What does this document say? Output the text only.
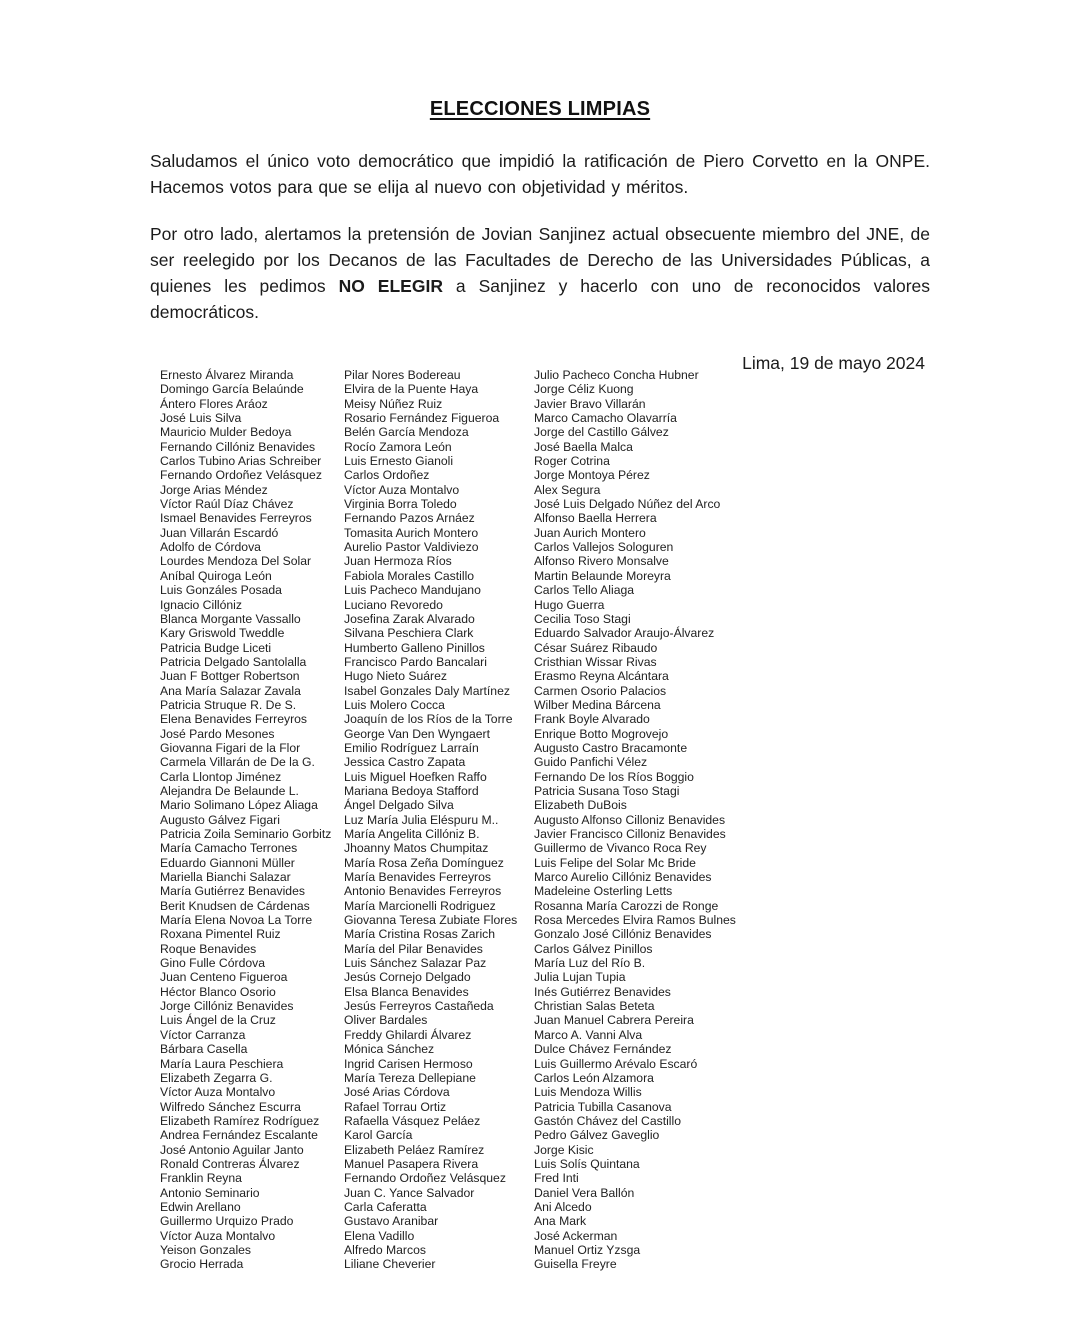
ELECCIONES LIMPIAS

Saludamos el único voto democrático que impidió la ratificación de Piero Corvetto en la ONPE. Hacemos votos para que se elija al nuevo con objetividad y méritos.

Por otro lado, alertamos la pretensión de Jovian Sanjinez actual obsecuente miembro del JNE, de ser reelegido por los Decanos de las Facultades de Derecho de las Universidades Públicas, a quienes les pedimos NO ELEGIR a Sanjinez y hacerlo con uno de reconocidos valores democráticos.

Lima, 19 de mayo 2024

Ernesto Álvarez Miranda
Domingo García Belaúnde
Ántero Flores Aráoz
José Luis Silva
Mauricio Mulder Bedoya
Fernando Cillóniz Benavides
Carlos Tubino Arias Schreiber
Fernando Ordoñez Velásquez
Jorge Arias Méndez
Víctor Raúl Díaz Chávez
Ismael Benavides Ferreyros
Juan Villarán Escardó
Adolfo de Córdova
Lourdes Mendoza Del Solar
Aníbal Quiroga León
Luis Gonzáles Posada
Ignacio Cillóniz
Blanca Morgante Vassallo
Kary Griswold Tweddle
Patricia Budge Liceti
Patricia Delgado Santolalla
Juan F Bottger Robertson
Ana María Salazar Zavala
Patricia Struque R. De S.
Elena Benavides Ferreyros
José Pardo Mesones
Giovanna Figari de la Flor
Carmela Villarán de De la G.
Carla Llontop Jiménez
Alejandra De Belaunde L.
Mario Solimano López Aliaga
Augusto Gálvez Figari
Patricia Zoila Seminario Gorbitz
María Camacho Terrones
Eduardo Giannoni Müller
Mariella Bianchi Salazar
María Gutiérrez Benavides
Berit Knudsen de Cárdenas
María Elena Novoa La Torre
Roxana Pimentel Ruiz
Roque Benavides
Gino Fulle Córdova
Juan Centeno Figueroa
Héctor Blanco Osorio
Jorge Cillóniz Benavides
Luis Ángel de la Cruz
Víctor Carranza
Bárbara Casella
María Laura Peschiera
Elizabeth Zegarra G.
Víctor Auza Montalvo
Wilfredo Sánchez Escurra
Elizabeth Ramírez Rodríguez
Andrea Fernández Escalante
José Antonio Aguilar Janto
Ronald Contreras Álvarez
Franklin Reyna
Antonio Seminario
Edwin Arellano
Guillermo Urquizo Prado
Víctor Auza Montalvo
Yeison Gonzales
Grocio Herrada
Pilar Nores Bodereau
Elvira de la Puente Haya
Meisy Núñez Ruiz
Rosario Fernández Figueroa
Belén García Mendoza
Rocío Zamora León
Luis Ernesto Gianoli
Carlos Ordoñez
Víctor Auza Montalvo
Virginia Borra Toledo
Fernando Pazos Arnáez
Tomasita Aurich Montero
Aurelio Pastor Valdiviezo
Juan Hermoza Ríos
Fabiola Morales Castillo
Luis Pacheco Mandujano
Luciano Revoredo
Josefina Zarak Alvarado
Silvana Peschiera Clark
Humberto Galleno Pinillos
Francisco Pardo Bancalari
Hugo Nieto Suárez
Isabel Gonzales Daly Martínez
Luis Molero Cocca
Joaquín de los Ríos de la Torre
George Van Den Wyngaert
Emilio Rodríguez Larraín
Jessica Castro Zapata
Luis Miguel Hoefken Raffo
Mariana Bedoya Stafford
Ángel Delgado Silva
Luz María Julia Eléspuru M..
María Angelita Cillóniz B.
Jhoanny Matos Chumpitaz
María Rosa Zeña Domínguez
María Benavides Ferreyros
Antonio Benavides Ferreyros
María Marcionelli Rodriguez
Giovanna Teresa Zubiate Flores
María Cristina Rosas Zarich
María del Pilar Benavides
Luis Sánchez Salazar Paz
Jesús Cornejo Delgado
Elsa Blanca Benavides
Jesús Ferreyros Castañeda
Oliver Bardales
Freddy Ghilardi Álvarez
Mónica Sánchez
Ingrid Carisen Hermoso
María Tereza Dellepiane
José Arias Córdova
Rafael Torrau Ortiz
Rafaella Vásquez Peláez
Karol García
Elizabeth Peláez Ramírez
Manuel Pasapera Rivera
Fernando Ordoñez Velásquez
Juan C. Yance Salvador
Carla Caferatta
Gustavo Aranibar
Elena Vadillo
Alfredo Marcos
Liliane Cheverier
Julio Pacheco Concha Hubner
Jorge Céliz Kuong
Javier Bravo Villarán
Marco Camacho Olavarría
Jorge del Castillo Gálvez
José Baella Malca
Roger Cotrina
Jorge Montoya Pérez
Alex Segura
José Luis Delgado Núñez del Arco
Alfonso Baella Herrera
Juan Aurich Montero
Carlos Vallejos Sologuren
Alfonso Rivero Monsalve
Martin Belaunde Moreyra
Carlos Tello Aliaga
Hugo Guerra
Cecilia Toso Stagi
Eduardo Salvador Araujo-Álvarez
César Suárez Ribaudo
Cristhian Wissar Rivas
Erasmo Reyna Alcántara
Carmen Osorio Palacios
Wilber Medina Bárcena
Frank Boyle Alvarado
Enrique Botto Mogrovejo
Augusto Castro Bracamonte
Guido Panfichi Vélez
Fernando De los Ríos Boggio
Patricia Susana Toso Stagi
Elizabeth DuBois
Augusto Alfonso Cilloniz Benavides
Javier Francisco Cilloniz Benavides
Guillermo de Vivanco Roca Rey
Luis Felipe del Solar Mc Bride
Marco Aurelio Cillóniz Benavides
Madeleine Osterling Letts
Rosanna María Carozzi de Ronge
Rosa Mercedes Elvira Ramos Bulnes
Gonzalo José Cillóniz Benavides
Carlos Gálvez Pinillos
María Luz del Río B.
Julia Lujan Tupia
Inés Gutiérrez Benavides
Christian Salas Beteta
Juan Manuel Cabrera Pereira
Marco A. Vanni Alva
Dulce Chávez Fernández
Luis Guillermo Arévalo Escaró
Carlos León Alzamora
Luis Mendoza Willis
Patricia Tubilla Casanova
Gastón Chávez del Castillo
Pedro Gálvez Gaveglio
Jorge Kisic
Luis Solís Quintana
Fred Inti
Daniel Vera Ballón
Ani Alcedo
Ana Mark
José Ackerman
Manuel Ortiz Yzsga
Guisella Freyre
